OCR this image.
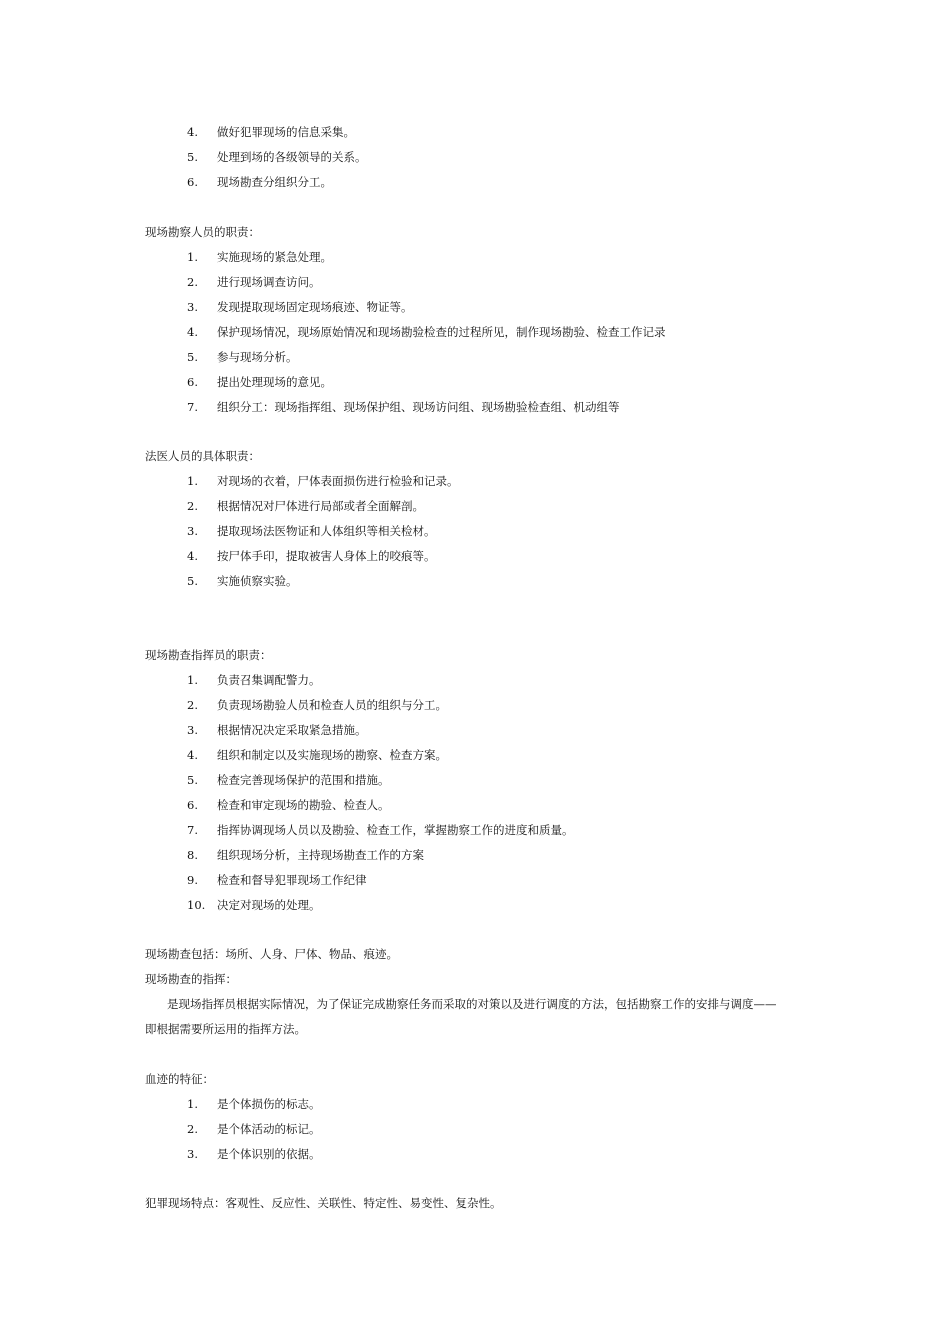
4.	做好犯罪现场的信息采集。
5.	处理到场的各级领导的关系。
6.	现场勘查分组织分工。
现场勘察人员的职责：
1.	实施现场的紧急处理。
2.	进行现场调查访问。
3.	发现提取现场固定现场痕迹、物证等。
4.	保护现场情况，现场原始情况和现场勘验检查的过程所见，制作现场勘验、检查工作记录
5.	参与现场分析。
6.	提出处理现场的意见。
7.	组织分工：现场指挥组、现场保护组、现场访问组、现场勘验检查组、机动组等
法医人员的具体职责：
1.	对现场的衣着，尸体表面损伤进行检验和记录。
2.	根据情况对尸体进行局部或者全面解剖。
3.	提取现场法医物证和人体组织等相关检材。
4.	按尸体手印，提取被害人身体上的咬痕等。
5.	实施侦察实验。
现场勘查指挥员的职责：
1.	负责召集调配警力。
2.	负责现场勘验人员和检查人员的组织与分工。
3.	根据情况决定采取紧急措施。
4.	组织和制定以及实施现场的勘察、检查方案。
5.	检查完善现场保护的范围和措施。
6.	检查和审定现场的勘验、检查人。
7.	指挥协调现场人员以及勘验、检查工作，掌握勘察工作的进度和质量。
8.	组织现场分析，主持现场勘查工作的方案
9.	检查和督导犯罪现场工作纪律
10. 决定对现场的处理。
现场勘查包括：场所、人身、尸体、物品、痕迹。
现场勘查的指挥：
是现场指挥员根据实际情况，为了保证完成勘察任务而采取的对策以及进行调度的方法，包括勘察工作的安排与调度——
即根据需要所运用的指挥方法。
血迹的特征：
1.	是个体损伤的标志。
2.	是个体活动的标记。
3.	是个体识别的依据。
犯罪现场特点：客观性、反应性、关联性、特定性、易变性、复杂性。
